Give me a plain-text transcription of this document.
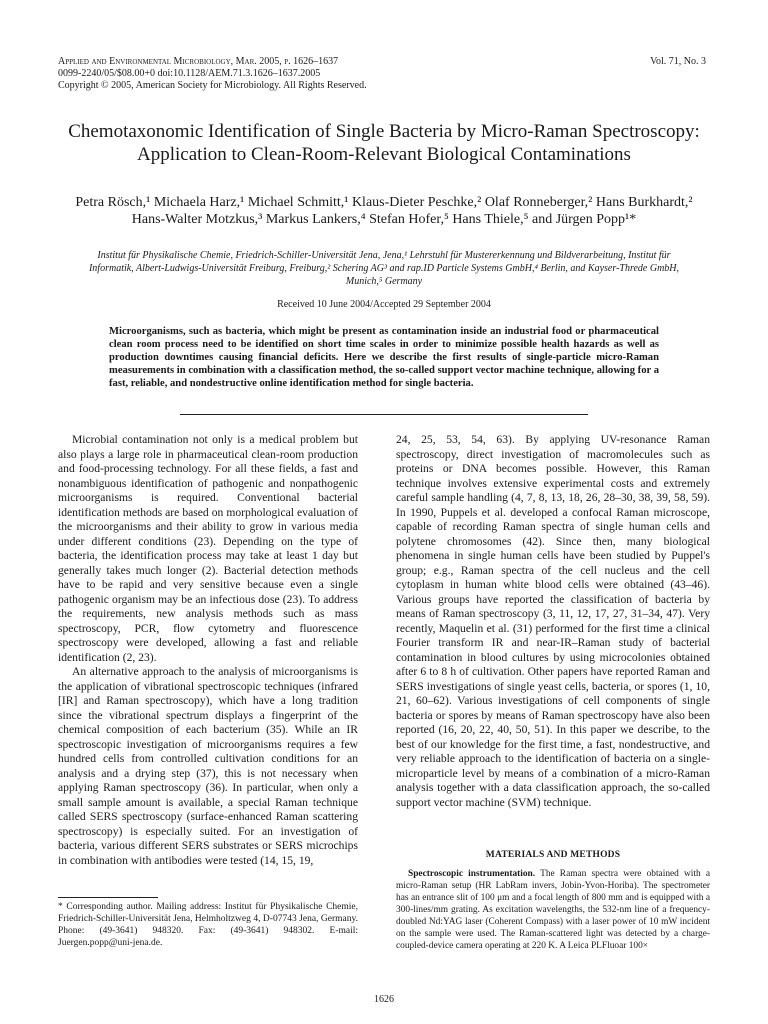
Applied and Environmental Microbiology, Mar. 2005, p. 1626–1637
0099-2240/05/$08.00+0 doi:10.1128/AEM.71.3.1626–1637.2005
Copyright © 2005, American Society for Microbiology. All Rights Reserved.
Vol. 71, No. 3
Chemotaxonomic Identification of Single Bacteria by Micro-Raman Spectroscopy: Application to Clean-Room-Relevant Biological Contaminations
Petra Rösch,¹ Michaela Harz,¹ Michael Schmitt,¹ Klaus-Dieter Peschke,² Olaf Ronneberger,² Hans Burkhardt,² Hans-Walter Motzkus,³ Markus Lankers,⁴ Stefan Hofer,⁵ Hans Thiele,⁵ and Jürgen Popp¹*
Institut für Physikalische Chemie, Friedrich-Schiller-Universität Jena, Jena,¹ Lehrstuhl für Mustererkennung und Bildverarbeitung, Institut für Informatik, Albert-Ludwigs-Universität Freiburg, Freiburg,² Schering AG³ and rap.ID Particle Systems GmbH,⁴ Berlin, and Kayser-Threde GmbH, Munich,⁵ Germany
Received 10 June 2004/Accepted 29 September 2004
Microorganisms, such as bacteria, which might be present as contamination inside an industrial food or pharmaceutical clean room process need to be identified on short time scales in order to minimize possible health hazards as well as production downtimes causing financial deficits. Here we describe the first results of single-particle micro-Raman measurements in combination with a classification method, the so-called support vector machine technique, allowing for a fast, reliable, and nondestructive online identification method for single bacteria.

Microbial contamination not only is a medical problem but also plays a large role in pharmaceutical clean-room production and food-processing technology. For all these fields, a fast and nonambiguous identification of pathogenic and nonpathogenic microorganisms is required. Conventional bacterial identification methods are based on morphological evaluation of the microorganisms and their ability to grow in various media under different conditions (23). Depending on the type of bacteria, the identification process may take at least 1 day but generally takes much longer (2). Bacterial detection methods have to be rapid and very sensitive because even a single pathogenic organism may be an infectious dose (23). To address the requirements, new analysis methods such as mass spectroscopy, PCR, flow cytometry and fluorescence spectroscopy were developed, allowing a fast and reliable identification (2, 23).

An alternative approach to the analysis of microorganisms is the application of vibrational spectroscopic techniques (infrared [IR] and Raman spectroscopy), which have a long tradition since the vibrational spectrum displays a fingerprint of the chemical composition of each bacterium (35). While an IR spectroscopic investigation of microorganisms requires a few hundred cells from controlled cultivation conditions for an analysis and a drying step (37), this is not necessary when applying Raman spectroscopy (36). In particular, when only a small sample amount is available, a special Raman technique called SERS spectroscopy (surface-enhanced Raman scattering spectroscopy) is especially suited. For an investigation of bacteria, various different SERS substrates or SERS microchips in combination with antibodies were tested (14, 15, 19,

24, 25, 53, 54, 63). By applying UV-resonance Raman spectroscopy, direct investigation of macromolecules such as proteins or DNA becomes possible. However, this Raman technique involves extensive experimental costs and extremely careful sample handling (4, 7, 8, 13, 18, 26, 28–30, 38, 39, 58, 59). In 1990, Puppels et al. developed a confocal Raman microscope, capable of recording Raman spectra of single human cells and polytene chromosomes (42). Since then, many biological phenomena in single human cells have been studied by Puppel's group; e.g., Raman spectra of the cell nucleus and the cell cytoplasm in human white blood cells were obtained (43–46). Various groups have reported the classification of bacteria by means of Raman spectroscopy (3, 11, 12, 17, 27, 31–34, 47). Very recently, Maquelin et al. (31) performed for the first time a clinical Fourier transform IR and near-IR–Raman study of bacterial contamination in blood cultures by using microcolonies obtained after 6 to 8 h of cultivation. Other papers have reported Raman and SERS investigations of single yeast cells, bacteria, or spores (1, 10, 21, 60–62). Various investigations of cell components of single bacteria or spores by means of Raman spectroscopy have also been reported (16, 20, 22, 40, 50, 51). In this paper we describe, to the best of our knowledge for the first time, a fast, nondestructive, and very reliable approach to the identification of bacteria on a single-microparticle level by means of a combination of a micro-Raman analysis together with a data classification approach, the so-called support vector machine (SVM) technique.

MATERIALS AND METHODS

Spectroscopic instrumentation. The Raman spectra were obtained with a micro-Raman setup (HR LabRam invers, Jobin-Yvon-Horiba). The spectrometer has an entrance slit of 100 μm and a focal length of 800 mm and is equipped with a 300-lines/mm grating. As excitation wavelengths, the 532-nm line of a frequency-doubled Nd:YAG laser (Coherent Compass) with a laser power of 10 mW incident on the sample were used. The Raman-scattered light was detected by a charge-coupled-device camera operating at 220 K. A Leica PLFluoar 100×

* Corresponding author. Mailing address: Institut für Physikalische Chemie, Friedrich-Schiller-Universität Jena, Helmholtzweg 4, D-07743 Jena, Germany. Phone: (49-3641) 948320. Fax: (49-3641) 948302. E-mail: Juergen.popp@uni-jena.de.
1626
